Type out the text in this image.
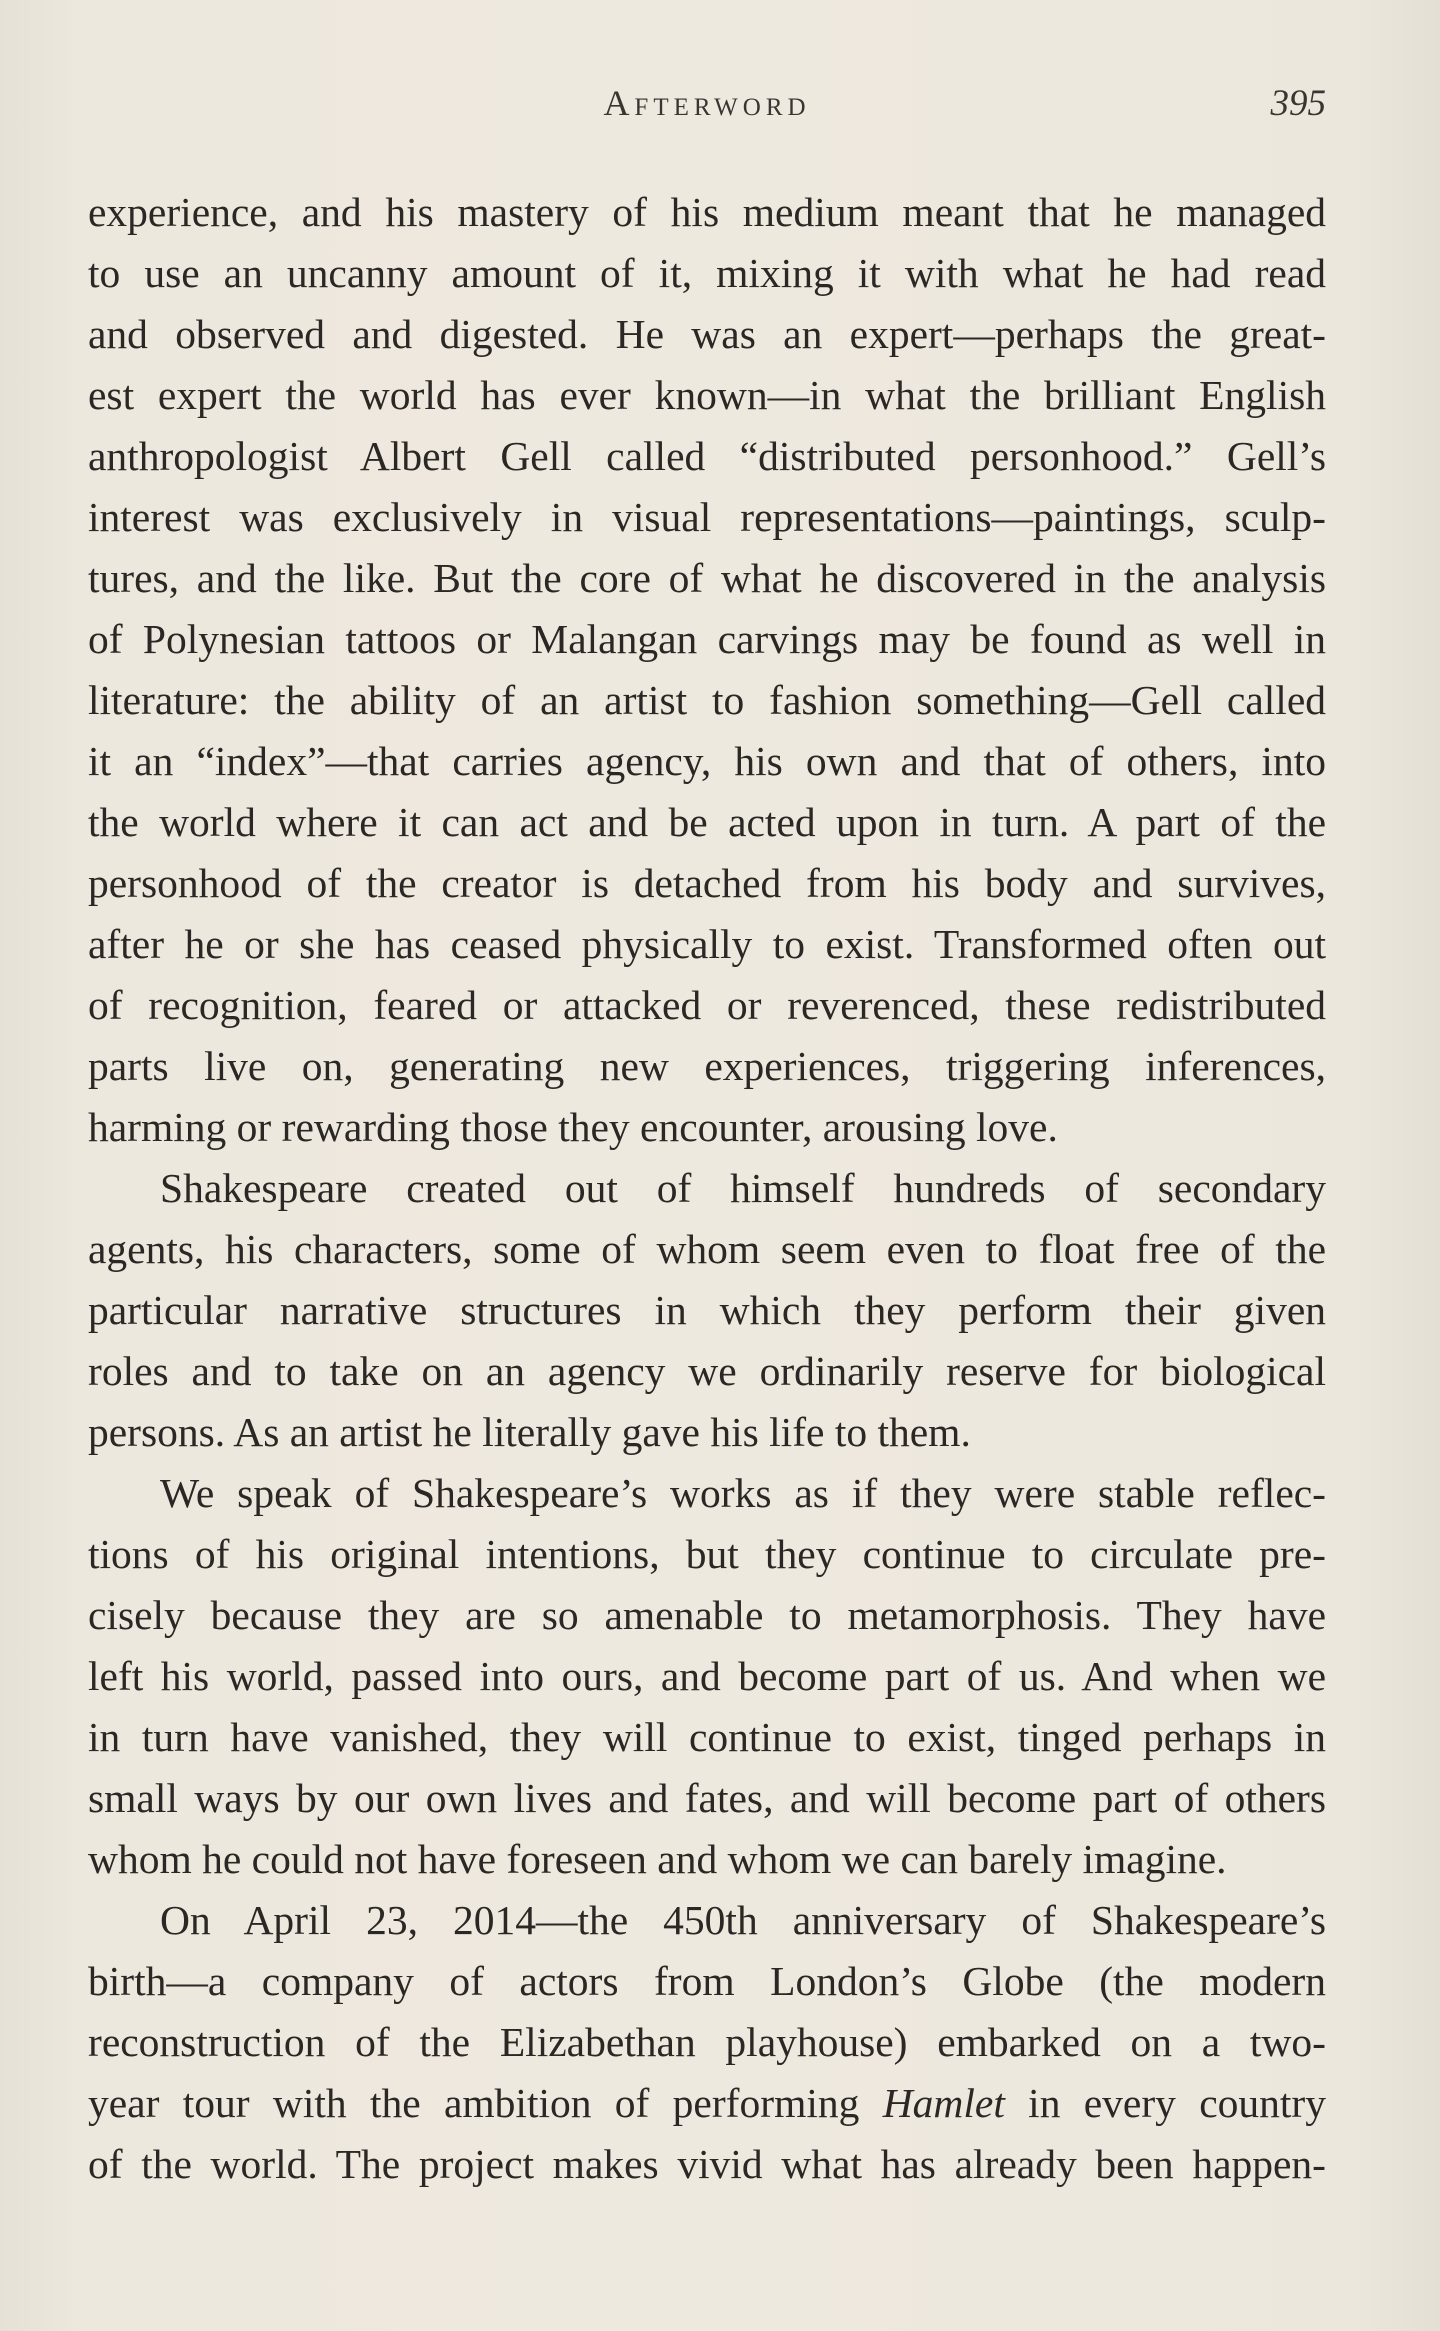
Afterword	395
experience, and his mastery of his medium meant that he managed
to use an uncanny amount of it, mixing it with what he had read
and observed and digested. He was an expert—perhaps the great-
est expert the world has ever known—in what the brilliant English
anthropologist Albert Gell called “distributed personhood.” Gell’s
interest was exclusively in visual representations—paintings, sculp-
tures, and the like. But the core of what he discovered in the analysis
of Polynesian tattoos or Malangan carvings may be found as well in
literature: the ability of an artist to fashion something—Gell called
it an “index”—that carries agency, his own and that of others, into
the world where it can act and be acted upon in turn. A part of the
personhood of the creator is detached from his body and survives,
after he or she has ceased physically to exist. Transformed often out
of recognition, feared or attacked or reverenced, these redistributed
parts live on, generating new experiences, triggering inferences,
harming or rewarding those they encounter, arousing love.
Shakespeare created out of himself hundreds of secondary
agents, his characters, some of whom seem even to float free of the
particular narrative structures in which they perform their given
roles and to take on an agency we ordinarily reserve for biological
persons. As an artist he literally gave his life to them.
We speak of Shakespeare’s works as if they were stable reflec-
tions of his original intentions, but they continue to circulate pre-
cisely because they are so amenable to metamorphosis. They have
left his world, passed into ours, and become part of us. And when we
in turn have vanished, they will continue to exist, tinged perhaps in
small ways by our own lives and fates, and will become part of others
whom he could not have foreseen and whom we can barely imagine.
On April 23, 2014—the 450th anniversary of Shakespeare’s
birth—a company of actors from London’s Globe (the modern
reconstruction of the Elizabethan playhouse) embarked on a two-
year tour with the ambition of performing Hamlet in every country
of the world. The project makes vivid what has already been happen-
